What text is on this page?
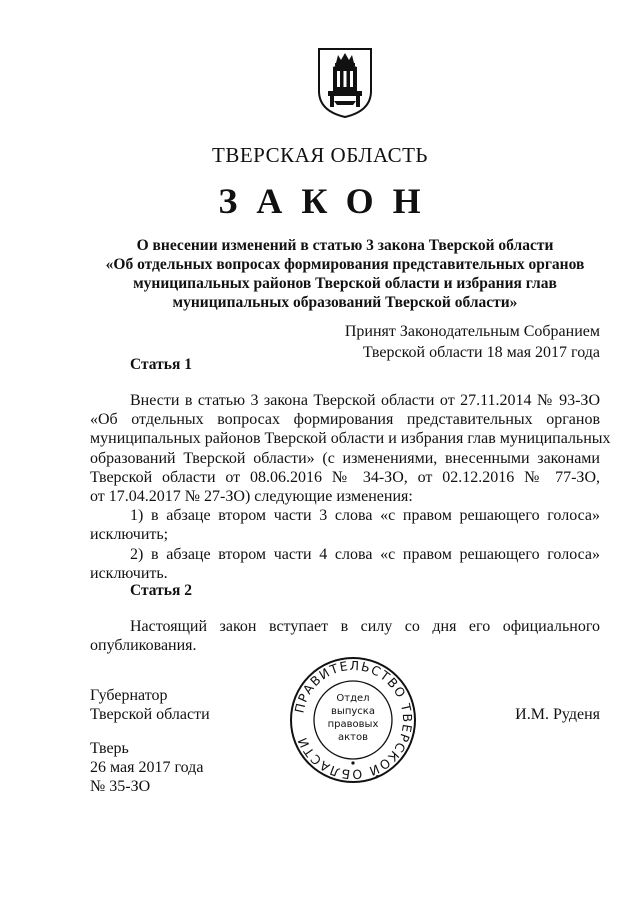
ТВЕРСКАЯ ОБЛАСТЬ
ЗАКОН
О внесении изменений в статью 3 закона Тверской области
«Об отдельных вопросах формирования представительных органов
муниципальных районов Тверской области и избрания глав
муниципальных образований Тверской области»
Принят Законодательным Собранием
Тверской области 18 мая 2017 года
Статья 1
Внести в статью 3 закона Тверской области от 27.11.2014 № 93-ЗО
«Об отдельных вопросах формирования представительных органов
муниципальных районов Тверской области и избрания глав муниципальных
образований Тверской области» (с изменениями, внесенными законами
Тверской области от 08.06.2016 № 34-ЗО, от 02.12.2016 № 77-ЗО,
от 17.04.2017 № 27-ЗО) следующие изменения:
1) в абзаце втором части 3 слова «с правом решающего голоса»
исключить;
2) в абзаце втором части 4 слова «с правом решающего голоса»
исключить.
Статья 2
Настоящий закон вступает в силу со дня его официального
опубликования.
Губернатор
Тверской области	И.М. Руденя
Тверь
26 мая 2017 года
№ 35-ЗО
ПРАВИТЕЛЬСТВО ТВЕРСКОЙ ОБЛАСТИ
Отдел
выпуска
правовых
актов
